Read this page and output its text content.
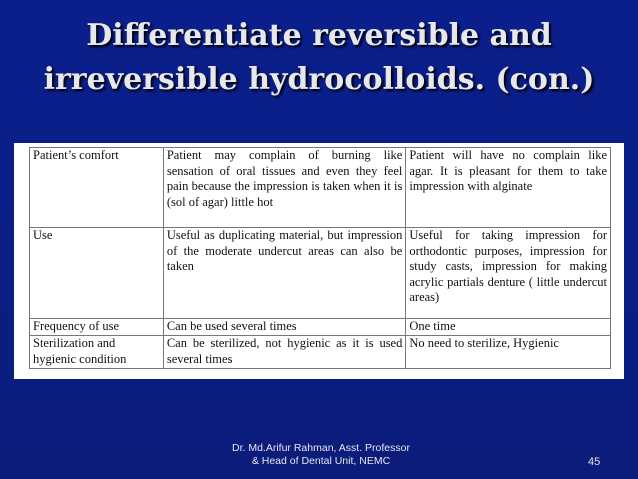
Differentiate reversible and
irreversible hydrocolloids. (con.)
Patient’s comfort	Patient may complain of burning like sensation of oral tissues and even they feel pain because the impression is taken when it is (sol of agar) little hot	Patient will have no complain like agar. It is pleasant for them to take impression with alginate
Use	Useful as duplicating material, but impression of the moderate undercut areas can also be taken	Useful for taking impression for orthodontic purposes, impression for study casts, impression for making acrylic partials denture ( little undercut areas)
Frequency of use	Can be used several times	One time
Sterilization and hygienic condition	Can be sterilized, not hygienic as it is used several times	No need to sterilize, Hygienic
Dr. Md.Arifur Rahman, Asst. Professor
& Head of Dental Unit, NEMC	45
